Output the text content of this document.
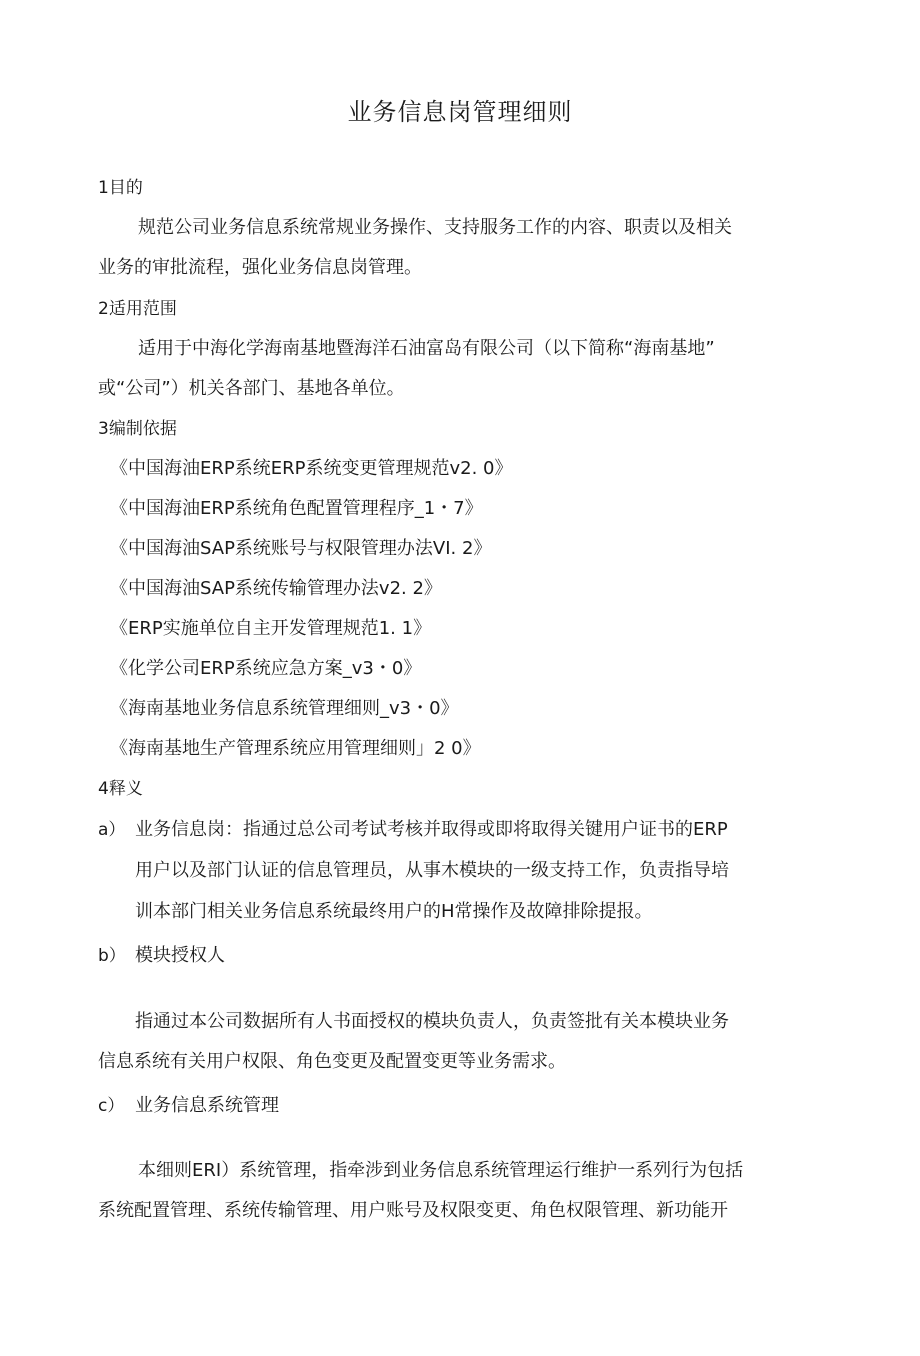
业务信息岗管理细则
1目的
规范公司业务信息系统常规业务操作、支持服务工作的内容、职责以及相关
业务的审批流程，强化业务信息岗管理。
2适用范围
适用于中海化学海南基地暨海洋石油富岛有限公司（以下简称“海南基地”
或“公司”）机关各部门、基地各单位。
3编制依据
《中国海油ERP系统ERP系统变更管理规范v2. 0》
《中国海油ERP系统角色配置管理程序_1・7》
《中国海油SAP系统账号与权限管理办法VI. 2》
《中国海油SAP系统传输管理办法v2. 2》
《ERP实施单位自主开发管理规范1. 1》
《化学公司ERP系统应急方案_v3・0》
《海南基地业务信息系统管理细则_v3・0》
《海南基地生产管理系统应用管理细则」2 0》
4释义
a） 业务信息岗：指通过总公司考试考核并取得或即将取得关键用户证书的ERP
用户以及部门认证的信息管理员，从事木模块的一级支持工作，负责指导培
训本部门相关业务信息系统最终用户的H常操作及故障排除提报。
b） 模块授权人
指通过本公司数据所有人书面授权的模块负责人，负责签批有关本模块业务
信息系统有关用户权限、角色变更及配置变更等业务需求。
c） 业务信息系统管理
本细则ERI）系统管理，指牵涉到业务信息系统管理运行维护一系列行为包括
系统配置管理、系统传输管理、用户账号及权限变更、角色权限管理、新功能开
